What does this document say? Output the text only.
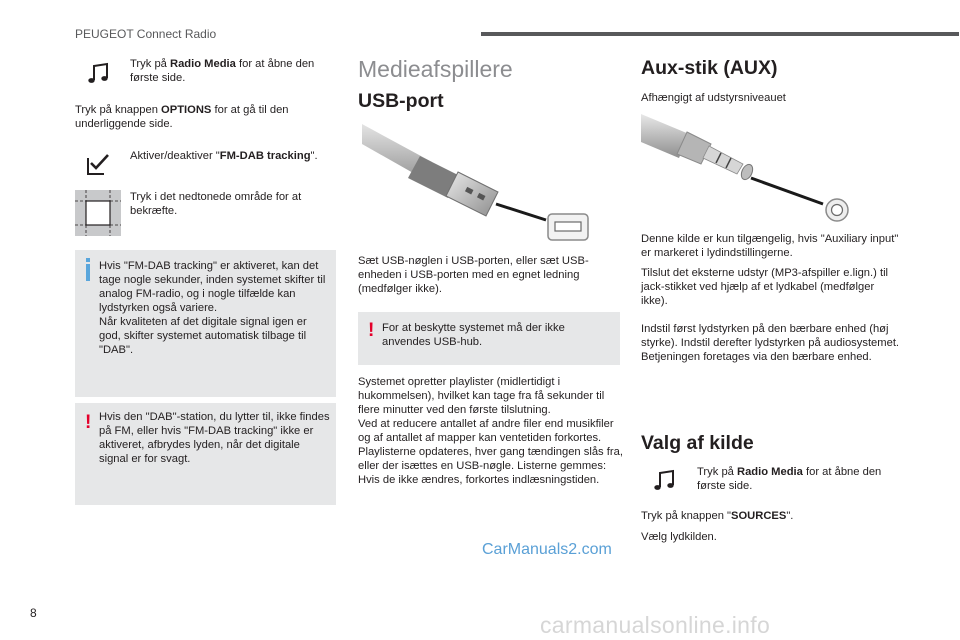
PEUGEOT Connect Radio
Tryk på Radio Media for at åbne den første side.
Tryk på knappen OPTIONS for at gå til den underliggende side.
Aktiver/deaktiver "FM-DAB tracking".
Tryk i det nedtonede område for at bekræfte.
Hvis "FM-DAB tracking" er aktiveret, kan det tage nogle sekunder, inden systemet skifter til analog FM-radio, og i nogle tilfælde kan lydstyrken også variere.
Når kvaliteten af det digitale signal igen er god, skifter systemet automatisk tilbage til "DAB".
! Hvis den "DAB"-station, du lytter til, ikke findes på FM, eller hvis "FM-DAB tracking" ikke er aktiveret, afbrydes lyden, når det digitale signal er for svagt.
Medieafspillere
USB-port
Sæt USB-nøglen i USB-porten, eller sæt USB-enheden i USB-porten med en egnet ledning (medfølger ikke).
! For at beskytte systemet må der ikke anvendes USB-hub.
Systemet opretter playlister (midlertidigt i hukommelsen), hvilket kan tage fra få sekunder til flere minutter ved den første tilslutning.
Ved at reducere antallet af andre filer end musikfiler og af antallet af mapper kan ventetiden forkortes.
Playlisterne opdateres, hver gang tændingen slås fra, eller der isættes en USB-nøgle. Listerne gemmes: Hvis de ikke ændres, forkortes indlæsningstiden.
CarManuals2.com
Aux-stik (AUX)
Afhængigt af udstyrsniveauet
Denne kilde er kun tilgængelig, hvis "Auxiliary input" er markeret i lydindstillingerne.
Tilslut det eksterne udstyr (MP3-afspiller e.lign.) til jack-stikket ved hjælp af et lydkabel (medfølger ikke).
Indstil først lydstyrken på den bærbare enhed (høj styrke). Indstil derefter lydstyrken på audiosystemet.
Betjeningen foretages via den bærbare enhed.
Valg af kilde
Tryk på Radio Media for at åbne den første side.
Tryk på knappen "SOURCES".
Vælg lydkilden.
8	carmanualsonline.info
